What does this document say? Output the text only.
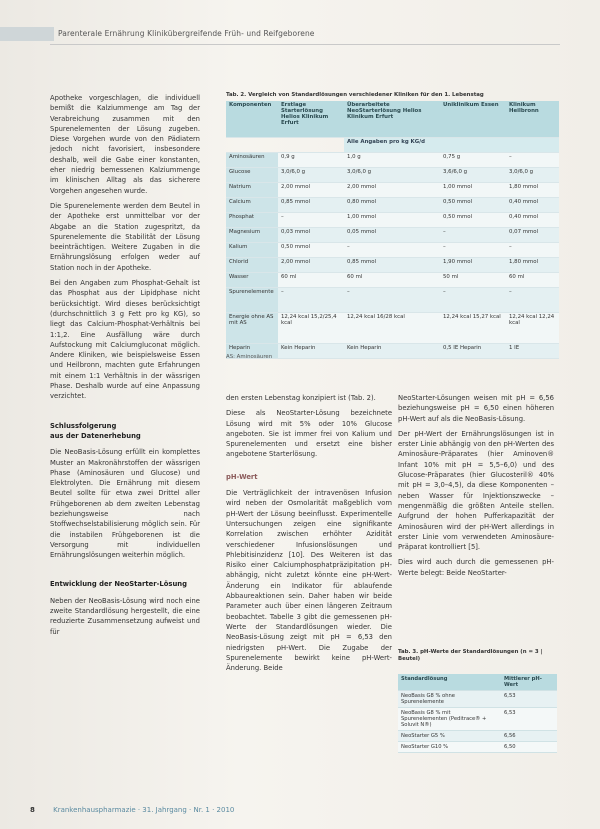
Parenterale Ernährung Klinikübergreifende Früh- und Reifgeborene

Apotheke vorgeschlagen, die individuell bemißt die Kalziummenge am Tag der Verabreichung zusammen mit den Spurenelementen der Lösung zugeben. Diese Vorgehen wurde von den Pädiatern jedoch nicht favorisiert, insbesondere deshalb, weil die Gabe einer konstanten, eher niedrig bemessenen Kalziummenge im klinischen Alltag als das sicherere Vorgehen angesehen wurde.

Die Spurenelemente werden dem Beutel in der Apotheke erst unmittelbar vor der Abgabe an die Station zugespritzt, da Spurenelemente die Stabilität der Lösung beeinträchtigen. Weitere Zugaben in die Ernährungslösung erfolgen weder auf Station noch in der Apotheke.

Bei den Angaben zum Phosphat-Gehalt ist das Phosphat aus der Lipidphase nicht berücksichtigt. Wird dieses berücksichtigt (durchschnittlich 3 g Fett pro kg KG), so liegt das Calcium-Phosphat-Verhältnis bei 1:1,2. Eine Ausfällung wäre durch Aufstockung mit Calciumgluconat möglich. Andere Kliniken, wie beispielsweise Essen und Heilbronn, machten gute Erfahrungen mit einem 1:1 Verhältnis in der wässrigen Phase. Deshalb wurde auf eine Anpassung verzichtet.

Schlussfolgerung

aus der Datenerhebung

Die NeoBasis-Lösung erfüllt ein komplettes Muster an Makronährstoffen der wässrigen Phase (Aminosäuren und Glucose) und Elektrolyten. Die Ernährung mit diesem Beutel sollte für etwa zwei Drittel aller Frühgeborenen ab dem zweiten Lebenstag beziehungsweise nach Stoffwechselstabilisierung möglich sein. Für die instabilen Frühgeborenen ist die Versorgung mit individuellen Ernährungslösungen weiterhin möglich.

Entwicklung der NeoStarter-Lösung

Neben der NeoBasis-Lösung wird noch eine zweite Standardlösung hergestellt, die eine reduzierte Zusammensetzung aufweist und für

Tab. 2. Vergleich von Standardlösungen verschiedener Kliniken für den 1. Lebenstag
Komponenten	Erstlage Starterlösung Helios Klinikum Erfurt	Überarbeitete NeoStarterlösung Helios Klinikum Erfurt	Uniklinikum Essen	Klinikum Heilbronn
		Alle Angaben pro kg KG/d		
Aminosäuren	0,9 g	1,0 g	0,75 g	–
Glucose	3,0/6,0 g	3,0/6,0 g	3,6/6,0 g	3,0/6,0 g
Natrium	2,00 mmol	2,00 mmol	1,00 mmol	1,80 mmol
Calcium	0,85 mmol	0,80 mmol	0,50 mmol	0,40 mmol
Phosphat	–	1,00 mmol	0,50 mmol	0,40 mmol
Magnesium	0,03 mmol	0,05 mmol	–	0,07 mmol
Kalium	0,50 mmol	–	–	–
Chlorid	2,00 mmol	0,85 mmol	1,90 mmol	1,80 mmol
Wasser	60 ml	60 ml	50 ml	60 ml
Spurenelemente	–	–	–	–
Energie ohne AS mit AS	12,24 kcal 15,2/25,4 kcal	12,24 kcal 16/28 kcal	12,24 kcal 15,27 kcal	12,24 kcal 12,24 kcal
Heparin	Kein Heparin	Kein Heparin	0,5 IE Heparin	1 IE
AS: Aminosäuren

den ersten Lebenstag konzipiert ist (Tab. 2).

Diese als NeoStarter-Lösung bezeichnete Lösung wird mit 5% oder 10% Glucose angeboten. Sie ist immer frei von Kalium und Spurenelementen und ersetzt eine bisher angebotene Starterlösung.

pH-Wert

Die Verträglichkeit der intravenösen Infusion wird neben der Osmolarität maßgeblich vom pH-Wert der Lösung beeinflusst. Experimentelle Untersuchungen zeigen eine signifikante Korrelation zwischen erhöhter Azidität verschiedener Infusionslösungen und Phlebitisinzidenz [10]. Des Weiteren ist das Risiko einer Calciumphosphatpräzipitation pH-abhängig, nicht zuletzt könnte eine pH-Wert-Änderung ein Indikator für ablaufende Abbaureaktionen sein. Daher haben wir beide Parameter auch über einen längeren Zeitraum beobachtet. Tabelle 3 gibt die gemessenen pH-Werte der Standardlösungen wieder. Die NeoBasis-Lösung zeigt mit pH = 6,53 den niedrigsten pH-Wert. Die Zugabe der Spurenelemente bewirkt keine pH-Wert-Änderung. Beide

NeoStarter-Lösungen weisen mit pH = 6,56 beziehungsweise pH = 6,50 einen höheren pH-Wert auf als die NeoBasis-Lösung.

Der pH-Wert der Ernährungslösungen ist in erster Linie abhängig von den pH-Werten des Aminosäure-Präparates (hier Aminoven® Infant 10% mit pH = 5,5–6,0) und des Glucose-Präparates (hier Glucosteril® 40% mit pH = 3,0–4,5), da diese Komponenten – neben Wasser für Injektionszwecke – mengenmäßig die größten Anteile stellen. Aufgrund der hohen Pufferkapazität der Aminosäuren wird der pH-Wert allerdings in erster Linie vom verwendeten Aminosäure-Präparat kontrolliert [5].

Dies wird auch durch die gemessenen pH-Werte belegt: Beide NeoStarter-

Tab. 3. pH-Werte der Standardlösungen (n = 3 | Beutel)
Standardlösung	Mittlerer pH-Wert
NeoBasis G8 % ohne Spurenelemente	6,53
NeoBasis G8 % mit Spurenelementen (Peditrace® + Soluvit N®)	6,53
NeoStarter G5 %	6,56
NeoStarter G10 %	6,50
8	Krankenhauspharmazie · 31. Jahrgang · Nr. 1 · 2010
